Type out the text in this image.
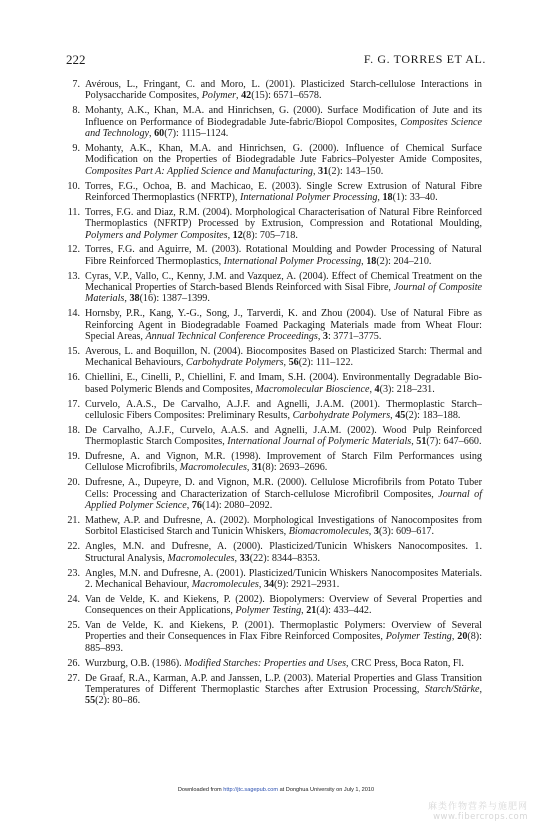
222	F. G. TORRES ET AL.
7. Avérous, L., Fringant, C. and Moro, L. (2001). Plasticized Starch-cellulose Interactions in Polysaccharide Composites, Polymer, 42(15): 6571–6578.
8. Mohanty, A.K., Khan, M.A. and Hinrichsen, G. (2000). Surface Modification of Jute and its Influence on Performance of Biodegradable Jute-fabric/Biopol Composites, Composites Science and Technology, 60(7): 1115–1124.
9. Mohanty, A.K., Khan, M.A. and Hinrichsen, G. (2000). Influence of Chemical Surface Modification on the Properties of Biodegradable Jute Fabrics–Polyester Amide Composites, Composites Part A: Applied Science and Manufacturing, 31(2): 143–150.
10. Torres, F.G., Ochoa, B. and Machicao, E. (2003). Single Screw Extrusion of Natural Fibre Reinforced Thermoplastics (NFRTP), International Polymer Processing, 18(1): 33–40.
11. Torres, F.G. and Diaz, R.M. (2004). Morphological Characterisation of Natural Fibre Reinforced Thermoplastics (NFRTP) Processed by Extrusion, Compression and Rotational Moulding, Polymers and Polymer Composites, 12(8): 705–718.
12. Torres, F.G. and Aguirre, M. (2003). Rotational Moulding and Powder Processing of Natural Fibre Reinforced Thermoplastics, International Polymer Processing, 18(2): 204–210.
13. Cyras, V.P., Vallo, C., Kenny, J.M. and Vazquez, A. (2004). Effect of Chemical Treatment on the Mechanical Properties of Starch-based Blends Reinforced with Sisal Fibre, Journal of Composite Materials, 38(16): 1387–1399.
14. Hornsby, P.R., Kang, Y.-G., Song, J., Tarverdi, K. and Zhou (2004). Use of Natural Fibre as Reinforcing Agent in Biodegradable Foamed Packaging Materials made from Wheat Flour: Special Areas, Annual Technical Conference Proceedings, 3: 3771–3775.
15. Averous, L. and Boquillon, N. (2004). Biocomposites Based on Plasticized Starch: Thermal and Mechanical Behaviours, Carbohydrate Polymers, 56(2): 111–122.
16. Chiellini, E., Cinelli, P., Chiellini, F. and Imam, S.H. (2004). Environmentally Degradable Bio-based Polymeric Blends and Composites, Macromolecular Bioscience, 4(3): 218–231.
17. Curvelo, A.A.S., De Carvalho, A.J.F. and Agnelli, J.A.M. (2001). Thermoplastic Starch–cellulosic Fibers Composites: Preliminary Results, Carbohydrate Polymers, 45(2): 183–188.
18. De Carvalho, A.J.F., Curvelo, A.A.S. and Agnelli, J.A.M. (2002). Wood Pulp Reinforced Thermoplastic Starch Composites, International Journal of Polymeric Materials, 51(7): 647–660.
19. Dufresne, A. and Vignon, M.R. (1998). Improvement of Starch Film Performances using Cellulose Microfibrils, Macromolecules, 31(8): 2693–2696.
20. Dufresne, A., Dupeyre, D. and Vignon, M.R. (2000). Cellulose Microfibrils from Potato Tuber Cells: Processing and Characterization of Starch-cellulose Microfibril Composites, Journal of Applied Polymer Science, 76(14): 2080–2092.
21. Mathew, A.P. and Dufresne, A. (2002). Morphological Investigations of Nanocomposites from Sorbitol Elasticised Starch and Tunicin Whiskers, Biomacromolecules, 3(3): 609–617.
22. Angles, M.N. and Dufresne, A. (2000). Plasticized/Tunicin Whiskers Nanocomposites. 1. Structural Analysis, Macromolecules, 33(22): 8344–8353.
23. Angles, M.N. and Dufresne, A. (2001). Plasticized/Tunicin Whiskers Nanocomposites Materials. 2. Mechanical Behaviour, Macromolecules, 34(9): 2921–2931.
24. Van de Velde, K. and Kiekens, P. (2002). Biopolymers: Overview of Several Properties and Consequences on their Applications, Polymer Testing, 21(4): 433–442.
25. Van de Velde, K. and Kiekens, P. (2001). Thermoplastic Polymers: Overview of Several Properties and their Consequences in Flax Fibre Reinforced Composites, Polymer Testing, 20(8): 885–893.
26. Wurzburg, O.B. (1986). Modified Starches: Properties and Uses, CRC Press, Boca Raton, Fl.
27. De Graaf, R.A., Karman, A.P. and Janssen, L.P. (2003). Material Properties and Glass Transition Temperatures of Different Thermoplastic Starches after Extrusion Processing, Starch/Stärke, 55(2): 80–86.
Downloaded from http://jtc.sagepub.com at Donghua University on July 1, 2010
麻类作物营养与施肥网
www.fibercrops.com
